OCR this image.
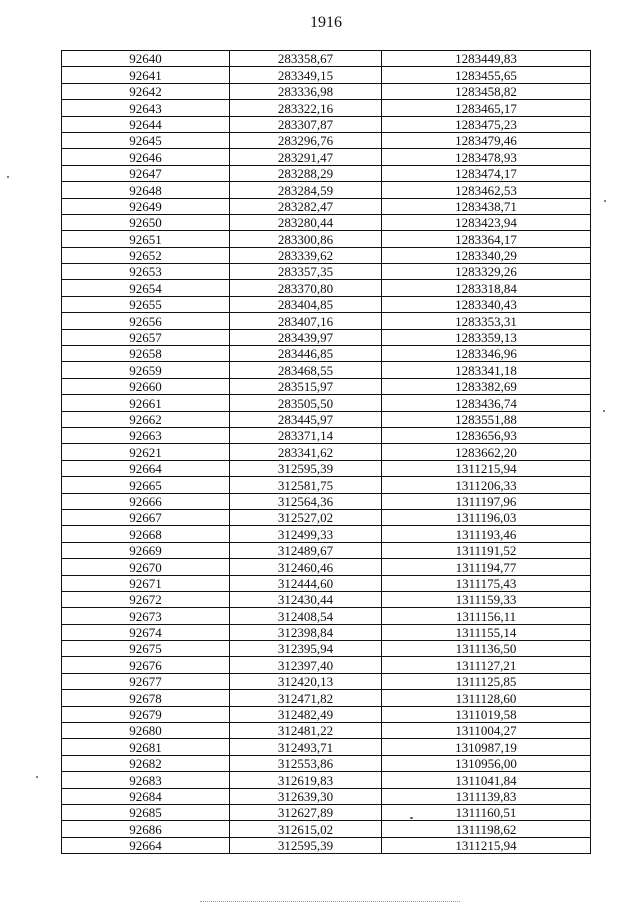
1916
92640	283358,67	1283449,83
92641	283349,15	1283455,65
92642	283336,98	1283458,82
92643	283322,16	1283465,17
92644	283307,87	1283475,23
92645	283296,76	1283479,46
92646	283291,47	1283478,93
92647	283288,29	1283474,17
92648	283284,59	1283462,53
92649	283282,47	1283438,71
92650	283280,44	1283423,94
92651	283300,86	1283364,17
92652	283339,62	1283340,29
92653	283357,35	1283329,26
92654	283370,80	1283318,84
92655	283404,85	1283340,43
92656	283407,16	1283353,31
92657	283439,97	1283359,13
92658	283446,85	1283346,96
92659	283468,55	1283341,18
92660	283515,97	1283382,69
92661	283505,50	1283436,74
92662	283445,97	1283551,88
92663	283371,14	1283656,93
92621	283341,62	1283662,20
92664	312595,39	1311215,94
92665	312581,75	1311206,33
92666	312564,36	1311197,96
92667	312527,02	1311196,03
92668	312499,33	1311193,46
92669	312489,67	1311191,52
92670	312460,46	1311194,77
92671	312444,60	1311175,43
92672	312430,44	1311159,33
92673	312408,54	1311156,11
92674	312398,84	1311155,14
92675	312395,94	1311136,50
92676	312397,40	1311127,21
92677	312420,13	1311125,85
92678	312471,82	1311128,60
92679	312482,49	1311019,58
92680	312481,22	1311004,27
92681	312493,71	1310987,19
92682	312553,86	1310956,00
92683	312619,83	1311041,84
92684	312639,30	1311139,83
92685	312627,89	1311160,51
92686	312615,02	1311198,62
92664	312595,39	1311215,94
